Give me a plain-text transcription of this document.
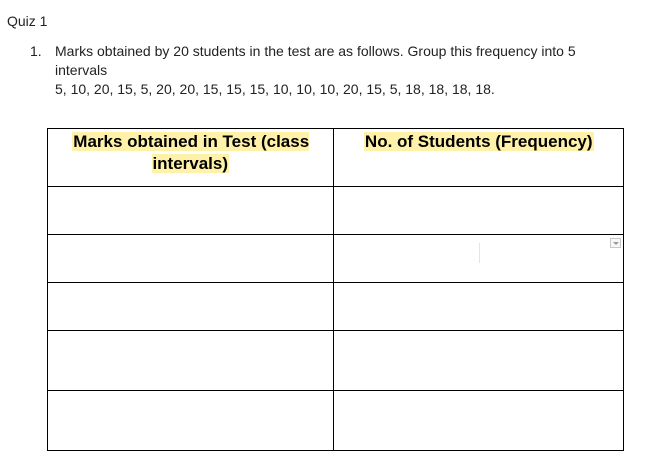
Quiz 1
1. Marks obtained by 20 students in the test are as follows. Group this frequency into 5 intervals
5, 10, 20, 15, 5, 20, 20, 15, 15, 15, 10, 10, 10, 20, 15, 5, 18, 18, 18, 18.
Marks obtained in Test (class intervals)	No. of Students (Frequency)
